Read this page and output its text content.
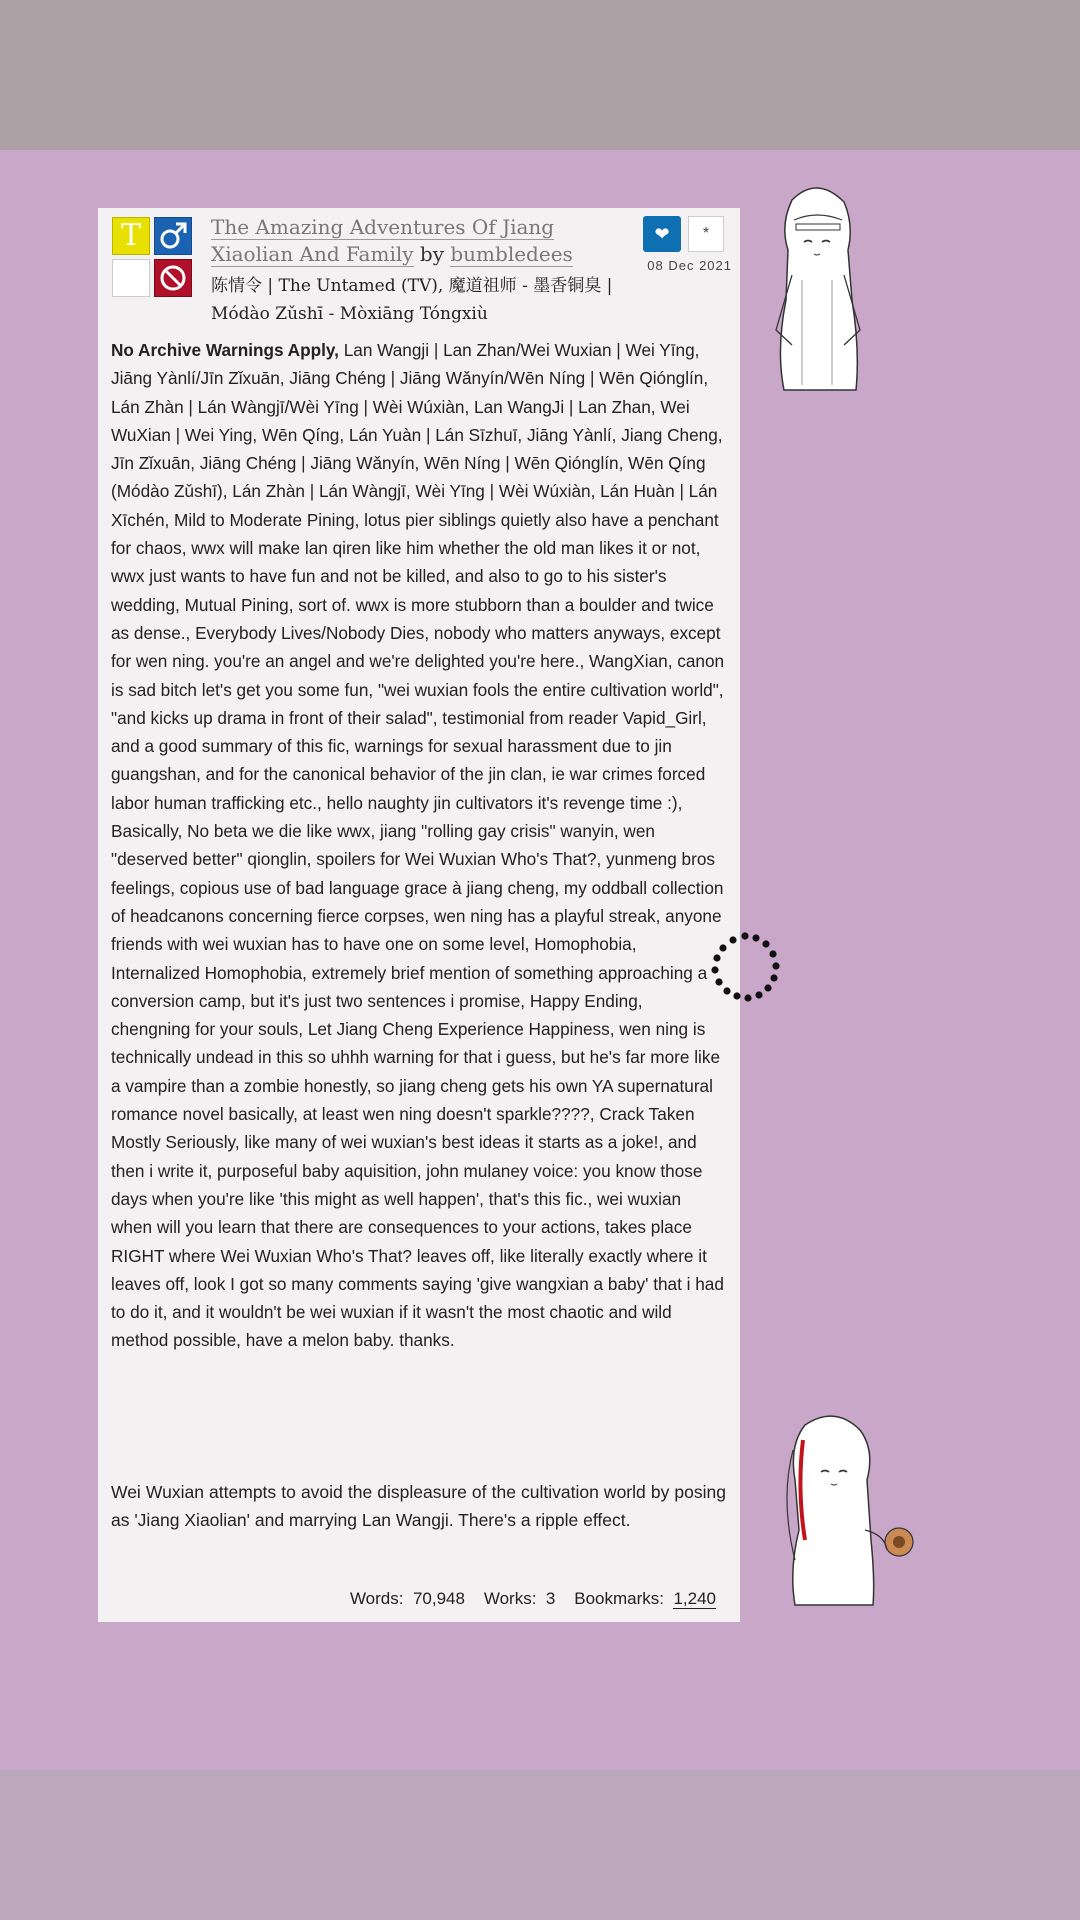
T	The Amazing Adventures Of Jiang Xiaolian And Family by bumbledees
陈情令 | The Untamed (TV), 魔道祖师 - 墨香铜臭 | Módào Zǔshī - Mòxiāng Tóngxiù
❤	*
08 Dec 2021
No Archive Warnings Apply, Lan Wangji | Lan Zhan/Wei Wuxian | Wei Yīng, Jiāng Yànlí/Jīn Zǐxuān, Jiāng Chéng | Jiāng Wǎnyín/Wēn Níng | Wēn Qiónglín, Lán Zhàn | Lán Wàngjī/Wèi Yīng | Wèi Wúxiàn, Lan WangJi | Lan Zhan, Wei WuXian | Wei Ying, Wēn Qíng, Lán Yuàn | Lán Sīzhuī, Jiāng Yànlí, Jiang Cheng, Jīn Zǐxuān, Jiāng Chéng | Jiāng Wǎnyín, Wēn Níng | Wēn Qiónglín, Wēn Qíng (Módào Zǔshī), Lán Zhàn | Lán Wàngjī, Wèi Yīng | Wèi Wúxiàn, Lán Huàn | Lán Xīchén, Mild to Moderate Pining, lotus pier siblings quietly also have a penchant for chaos, wwx will make lan qiren like him whether the old man likes it or not, wwx just wants to have fun and not be killed, and also to go to his sister's wedding, Mutual Pining, sort of. wwx is more stubborn than a boulder and twice as dense., Everybody Lives/Nobody Dies, nobody who matters anyways, except for wen ning. you're an angel and we're delighted you're here., WangXian, canon is sad bitch let's get you some fun, "wei wuxian fools the entire cultivation world", "and kicks up drama in front of their salad", testimonial from reader Vapid_Girl, and a good summary of this fic, warnings for sexual harassment due to jin guangshan, and for the canonical behavior of the jin clan, ie war crimes forced labor human trafficking etc., hello naughty jin cultivators it's revenge time :), Basically, No beta we die like wwx, jiang "rolling gay crisis" wanyin, wen "deserved better" qionglin, spoilers for Wei Wuxian Who's That?, yunmeng bros feelings, copious use of bad language grace à jiang cheng, my oddball collection of headcanons concerning fierce corpses, wen ning has a playful streak, anyone friends with wei wuxian has to have one on some level, Homophobia, Internalized Homophobia, extremely brief mention of something approaching a conversion camp, but it's just two sentences i promise, Happy Ending, chengning for your souls, Let Jiang Cheng Experience Happiness, wen ning is technically undead in this so uhhh warning for that i guess, but he's far more like a vampire than a zombie honestly, so jiang cheng gets his own YA supernatural romance novel basically, at least wen ning doesn't sparkle????, Crack Taken Mostly Seriously, like many of wei wuxian's best ideas it starts as a joke!, and then i write it, purposeful baby aquisition, john mulaney voice: you know those days when you're like 'this might as well happen', that's this fic., wei wuxian when will you learn that there are consequences to your actions, takes place RIGHT where Wei Wuxian Who's That? leaves off, like literally exactly where it leaves off, look I got so many comments saying 'give wangxian a baby' that i had to do it, and it wouldn't be wei wuxian if it wasn't the most chaotic and wild method possible, have a melon baby. thanks.
Wei Wuxian attempts to avoid the displeasure of the cultivation world by posing as 'Jiang Xiaolian' and marrying Lan Wangji. There's a ripple effect.
Words: 70,948 Works: 3 Bookmarks: 1,240
